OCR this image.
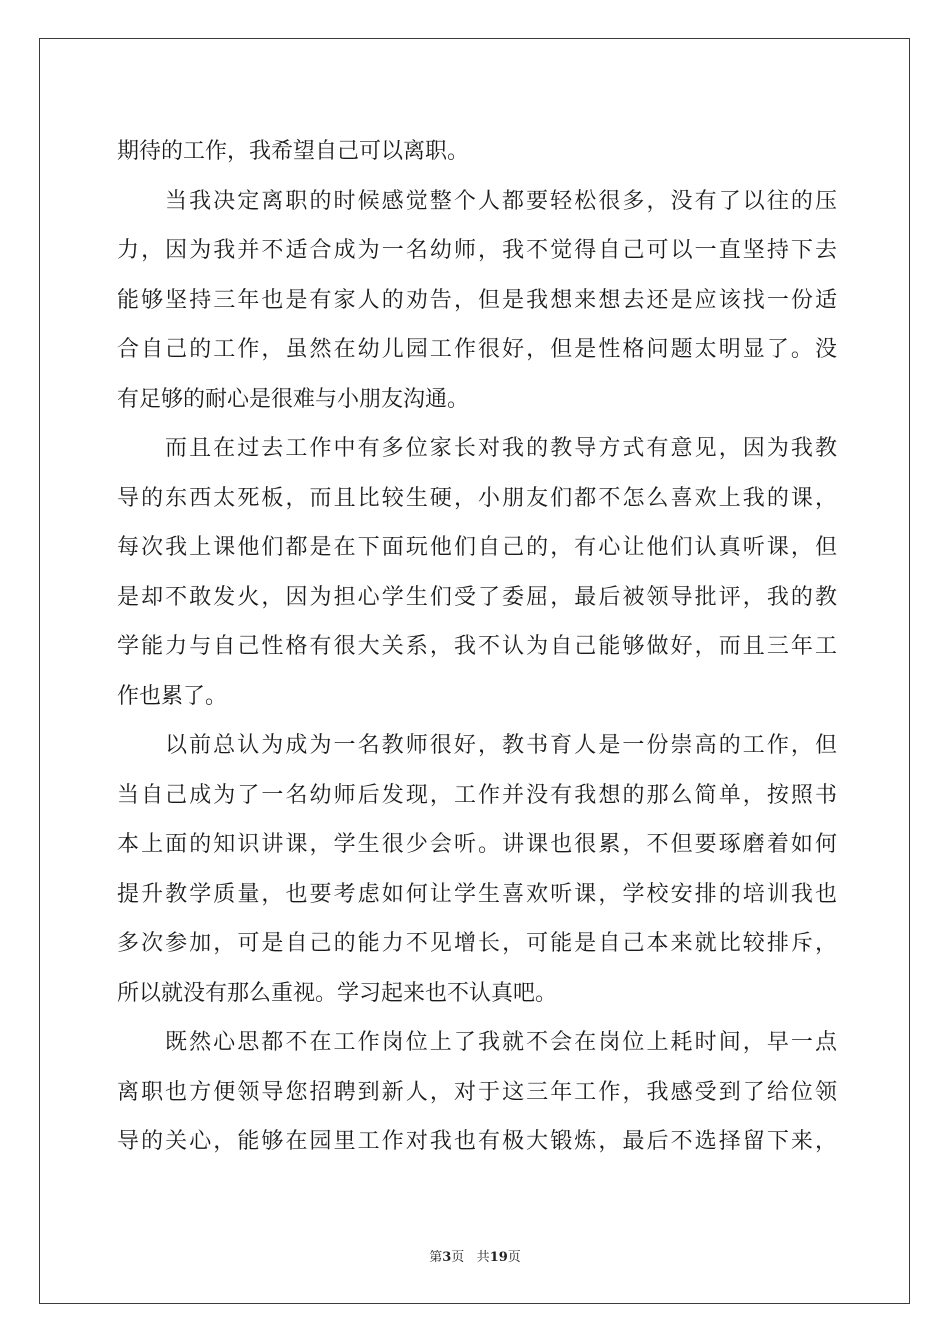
期待的工作，我希望自己可以离职。
当我决定离职的时候感觉整个人都要轻松很多，没有了以往的压
力，因为我并不适合成为一名幼师，我不觉得自己可以一直坚持下去
能够坚持三年也是有家人的劝告，但是我想来想去还是应该找一份适
合自己的工作，虽然在幼儿园工作很好，但是性格问题太明显了。没
有足够的耐心是很难与小朋友沟通。
而且在过去工作中有多位家长对我的教导方式有意见，因为我教
导的东西太死板，而且比较生硬，小朋友们都不怎么喜欢上我的课，
每次我上课他们都是在下面玩他们自己的，有心让他们认真听课，但
是却不敢发火，因为担心学生们受了委屈，最后被领导批评，我的教
学能力与自己性格有很大关系，我不认为自己能够做好，而且三年工
作也累了。
以前总认为成为一名教师很好，教书育人是一份崇高的工作，但
当自己成为了一名幼师后发现，工作并没有我想的那么简单，按照书
本上面的知识讲课，学生很少会听。讲课也很累，不但要琢磨着如何
提升教学质量，也要考虑如何让学生喜欢听课，学校安排的培训我也
多次参加，可是自己的能力不见增长，可能是自己本来就比较排斥，
所以就没有那么重视。学习起来也不认真吧。
既然心思都不在工作岗位上了我就不会在岗位上耗时间，早一点
离职也方便领导您招聘到新人，对于这三年工作，我感受到了给位领
导的关心，能够在园里工作对我也有极大锻炼，最后不选择留下来，
第3页 共19页
